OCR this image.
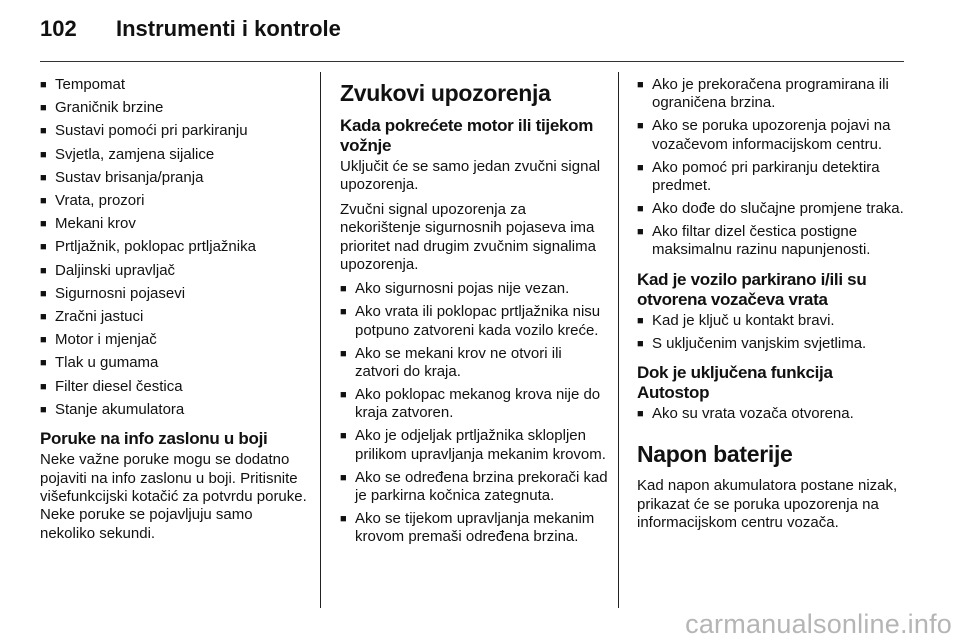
102 Instrumenti i kontrole
■ Tempomat
■ Graničnik brzine
■ Sustavi pomoći pri parkiranju
■ Svjetla, zamjena sijalice
■ Sustav brisanja/pranja
■ Vrata, prozori
■ Mekani krov
■ Prtljažnik, poklopac prtljažnika
■ Daljinski upravljač
■ Sigurnosni pojasevi
■ Zračni jastuci
■ Motor i mjenjač
■ Tlak u gumama
■ Filter diesel čestica
■ Stanje akumulatora
Poruke na info zaslonu u boji

Neke važne poruke mogu se dodatno pojaviti na info zaslonu u boji. Pritisnite višefunkcijski kotačić za potvrdu poruke. Neke poruke se pojavljuju samo nekoliko sekundi.

Zvukovi upozorenja
Kada pokrećete motor ili tijekom vožnje

Uključit će se samo jedan zvučni signal upozorenja.

Zvučni signal upozorenja za nekorištenje sigurnosnih pojaseva ima prioritet nad drugim zvučnim signalima upozorenja.

■ Ako sigurnosni pojas nije vezan.
■ Ako vrata ili poklopac prtljažnika nisu potpuno zatvoreni kada vozilo kreće.
■ Ako se mekani krov ne otvori ili zatvori do kraja.
■ Ako poklopac mekanog krova nije do kraja zatvoren.
■ Ako je odjeljak prtljažnika sklopljen prilikom upravljanja mekanim krovom.
■ Ako se određena brzina prekorači kad je parkirna kočnica zategnuta.
■ Ako se tijekom upravljanja mekanim krovom premaši određena brzina.
■ Ako je prekoračena programirana ili ograničena brzina.
■ Ako se poruka upozorenja pojavi na vozačevom informacijskom centru.
■ Ako pomoć pri parkiranju detektira predmet.
■ Ako dođe do slučajne promjene traka.
■ Ako filtar dizel čestica postigne maksimalnu razinu napunjenosti.
Kad je vozilo parkirano i/ili su otvorena vozačeva vrata
■ Kad je ključ u kontakt bravi.
■ S uključenim vanjskim svjetlima.
Dok je uključena funkcija Autostop
■ Ako su vrata vozača otvorena.
Napon baterije

Kad napon akumulatora postane nizak, prikazat će se poruka upozorenja na informacijskom centru vozača.

carmanualsonline.info
